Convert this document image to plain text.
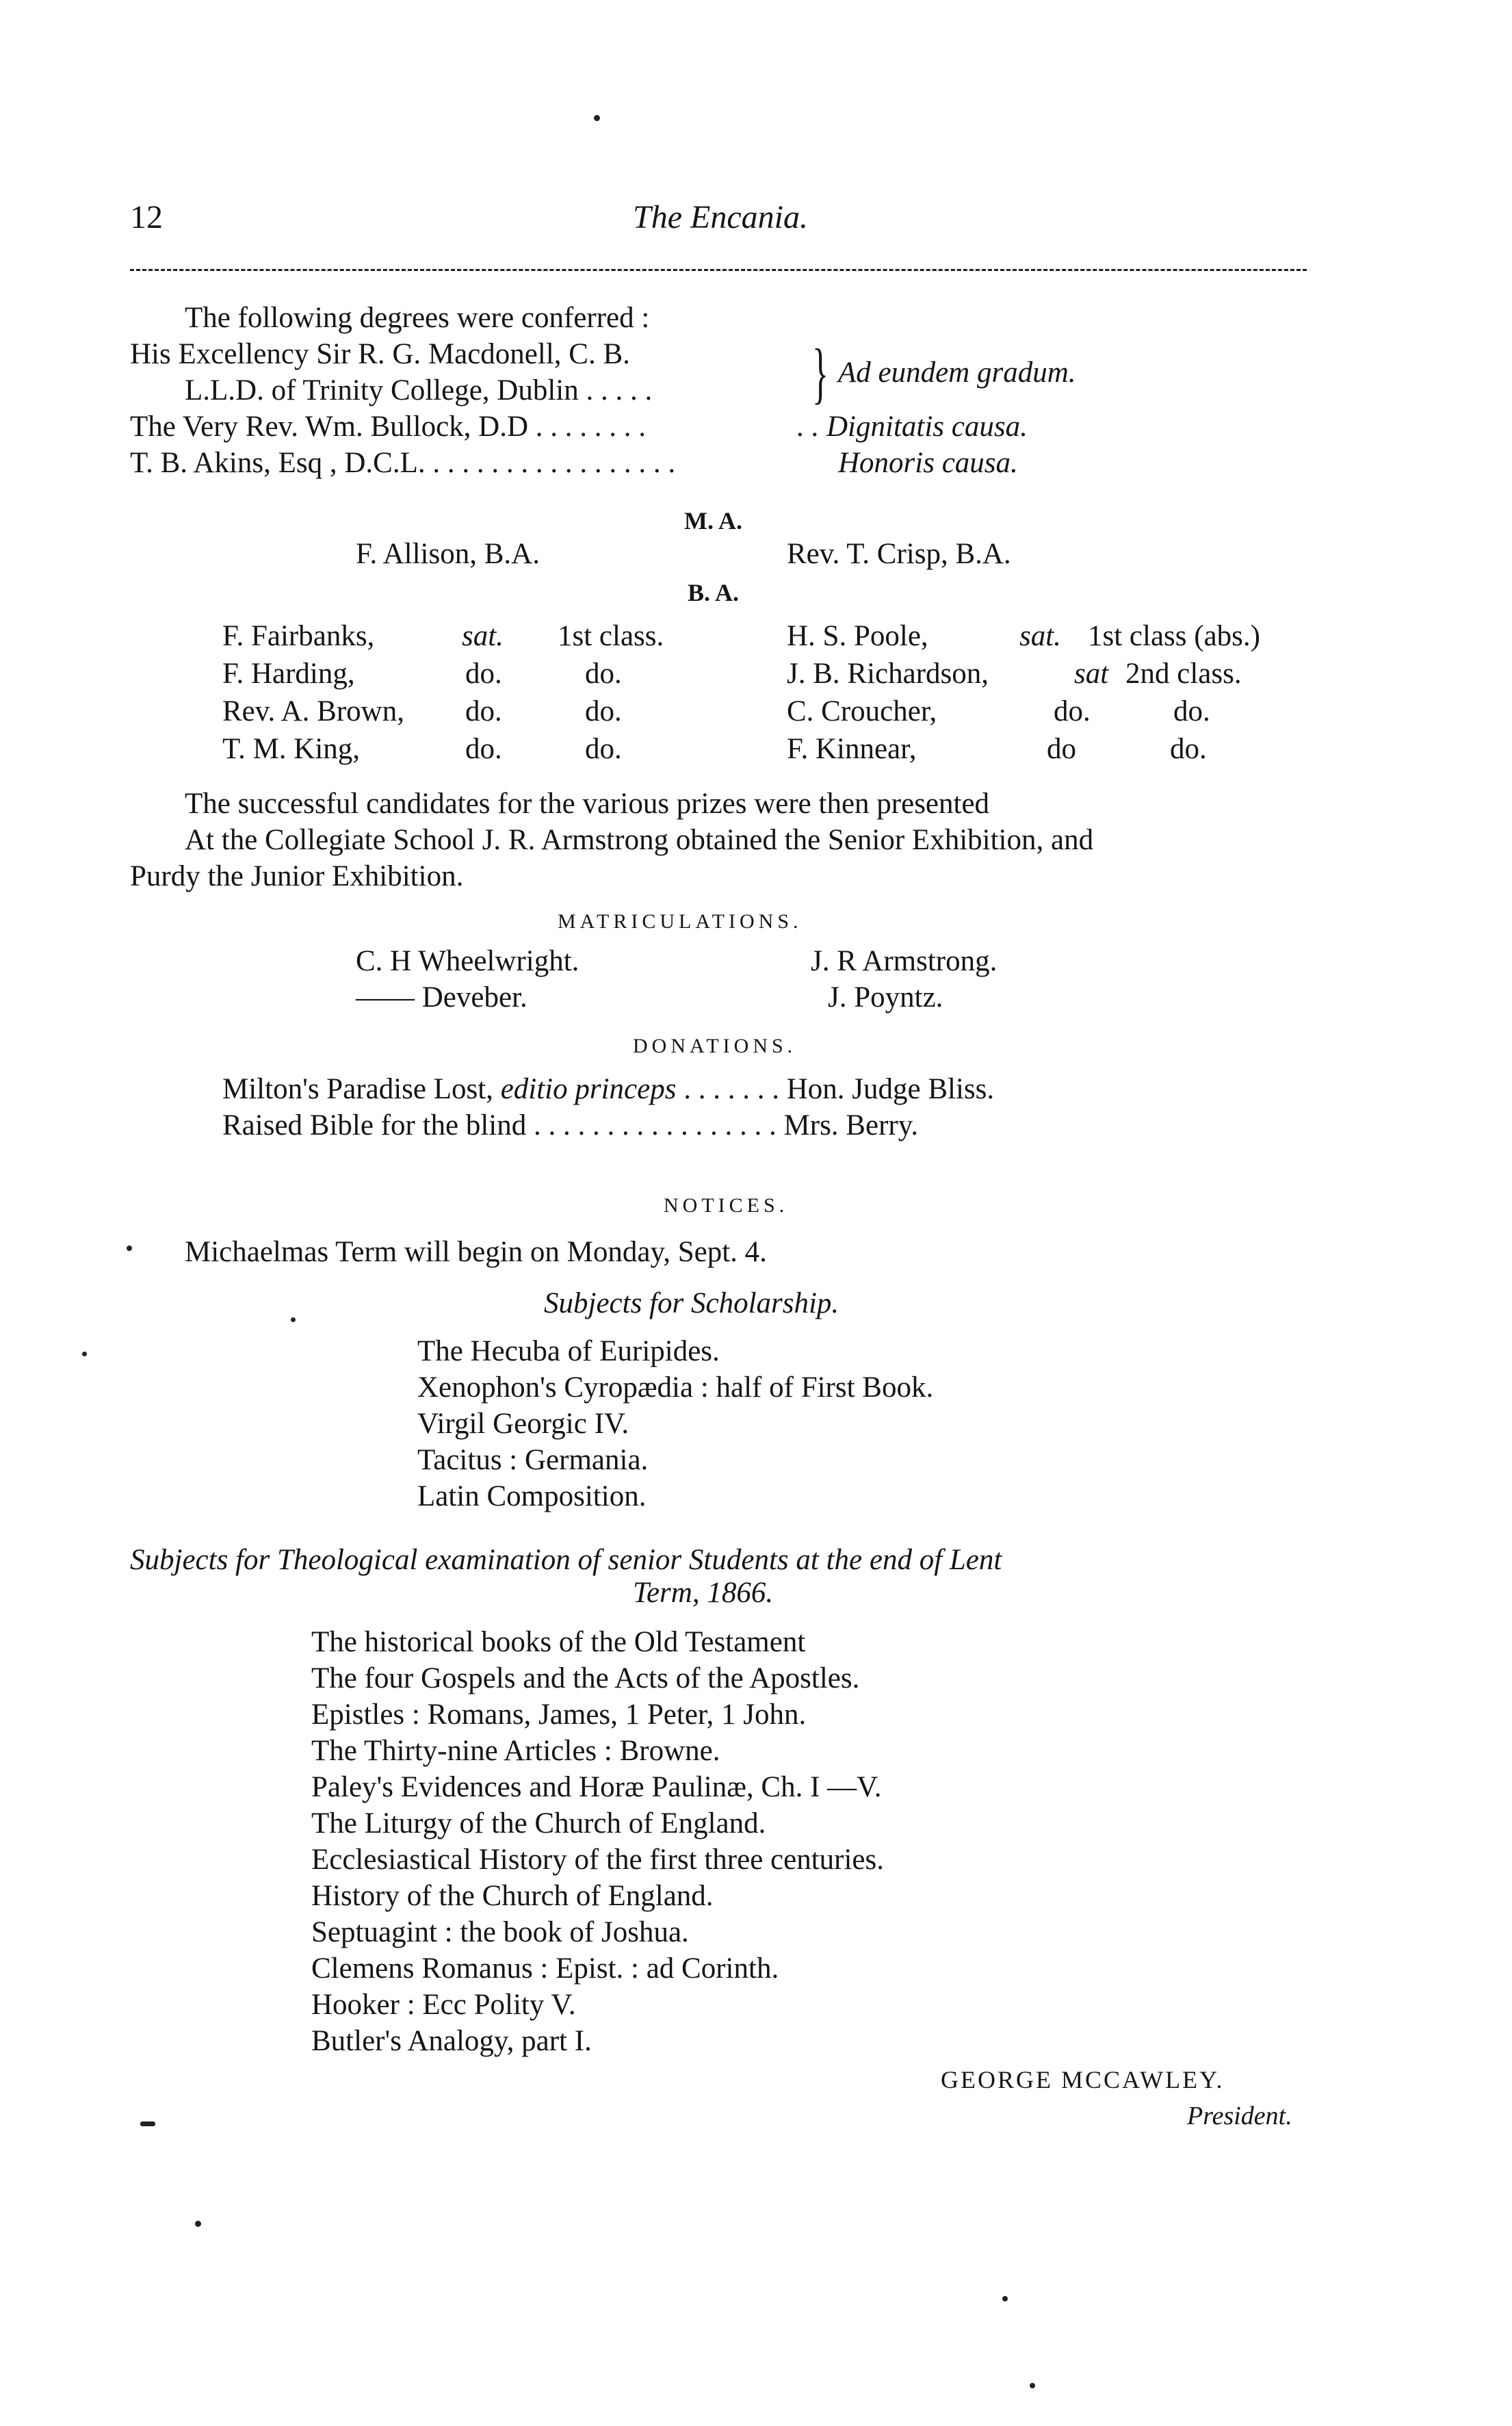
12	The Encania.
The following degrees were conferred :
His Excellency Sir R. G. Macdonell, C. B.
L.L.D. of Trinity College, Dublin . . . . . } Ad eundem gradum.
The Very Rev. Wm. Bullock, D.D . . . . . . . .	. . Dignitatis causa.
T. B. Akins, Esq , D.C.L. . . . . . . . . . . . . . . . . .	Honoris causa.
M. A.
F. Allison, B.A.	Rev. T. Crisp, B.A.
B. A.
F. Fairbanks,	sat. 1st class.	H. S. Poole,	sat. 1st class (abs.)
F. Harding,	do.	do.	J. B. Richardson,	sat 2nd class.
Rev. A. Brown, do.	do.	C. Croucher,	do.	do.
T. M. King,	do.	do.	F. Kinnear,	do	do.
The successful candidates for the various prizes were then presented
At the Collegiate School J. R. Armstrong obtained the Senior Exhibition, and
Purdy the Junior Exhibition.
MATRICULATIONS.
C. H Wheelwright.	J. R Armstrong.
—— Deveber.	J. Poyntz.
DONATIONS.
Milton's Paradise Lost, editio princeps . . . . . . . Hon. Judge Bliss.
Raised Bible for the blind . . . . . . . . . . . . . . . . . Mrs. Berry.
NOTICES.
Michaelmas Term will begin on Monday, Sept. 4.
Subjects for Scholarship.
The Hecuba of Euripides.
Xenophon's Cyropædia : half of First Book.
Virgil Georgic IV.
Tacitus : Germania.
Latin Composition.
Subjects for Theological examination of senior Students at the end of Lent
Term, 1866.
The historical books of the Old Testament
The four Gospels and the Acts of the Apostles.
Epistles : Romans, James, 1 Peter, 1 John.
The Thirty-nine Articles : Browne.
Paley's Evidences and Horæ Paulinæ, Ch. I —V.
The Liturgy of the Church of England.
Ecclesiastical History of the first three centuries.
History of the Church of England.
Septuagint : the book of Joshua.
Clemens Romanus : Epist. : ad Corinth.
Hooker : Ecc Polity V.
Butler's Analogy, part I.
GEORGE MCCAWLEY.
President.
